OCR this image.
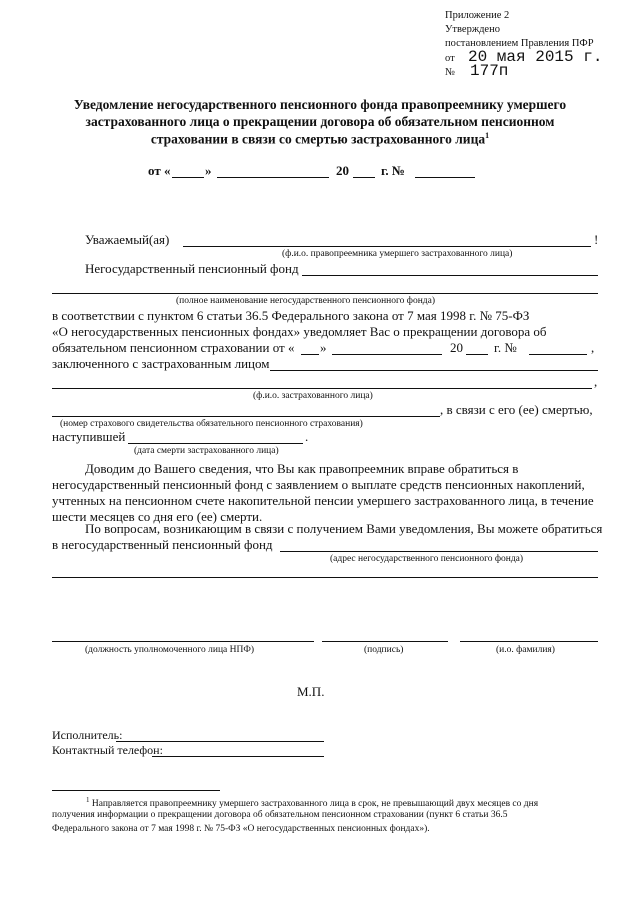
Приложение 2
Утверждено
постановлением Правления ПФР
от 20 мая 2015 г.
№ 177п
Уведомление негосударственного пенсионного фонда правопреемнику умершего
застрахованного лица о прекращении договора об обязательном пенсионном
страховании в связи со смертью застрахованного лица$^1$
от «	»	20 г. №
Уважаемый(ая)	!
(ф.и.о. правопреемника умершего застрахованного лица)
Негосударственный пенсионный фонд
(полное наименование негосударственного пенсионного фонда)
в соответствии с пунктом 6 статьи 36.5 Федерального закона от 7 мая 1998 г. № 75-ФЗ
«О негосударственных пенсионных фондах» уведомляет Вас о прекращении договора об
обязательном пенсионном страховании от « »	20 г. №	,
заключенного с застрахованным лицом
,
(ф.и.о. застрахованного лица)
, в связи с его (ее) смертью,
(номер страхового свидетельства обязательного пенсионного страхования)
наступившей	.
(дата смерти застрахованного лица)
Доводим до Вашего сведения, что Вы как правопреемник вправе обратиться в
негосударственный пенсионный фонд с заявлением о выплате средств пенсионных накоплений,
учтенных на пенсионном счете накопительной пенсии умершего застрахованного лица, в течение
шести месяцев со дня его (ее) смерти.
По вопросам, возникающим в связи с получением Вами уведомления, Вы можете обратиться
в негосударственный пенсионный фонд
(адрес негосударственного пенсионного фонда)
(должность уполномоченного лица НПФ)	(подпись)	(и.о. фамилия)
М.П.
Исполнитель:
Контактный телефон:
$^1$ Направляется правопреемнику умершего застрахованного лица в срок, не превышающий двух месяцев со дня
получения информации о прекращении договора об обязательном пенсионном страховании (пункт 6 статьи 36.5
Федерального закона от 7 мая 1998 г. № 75-ФЗ «О негосударственных пенсионных фондах»).
